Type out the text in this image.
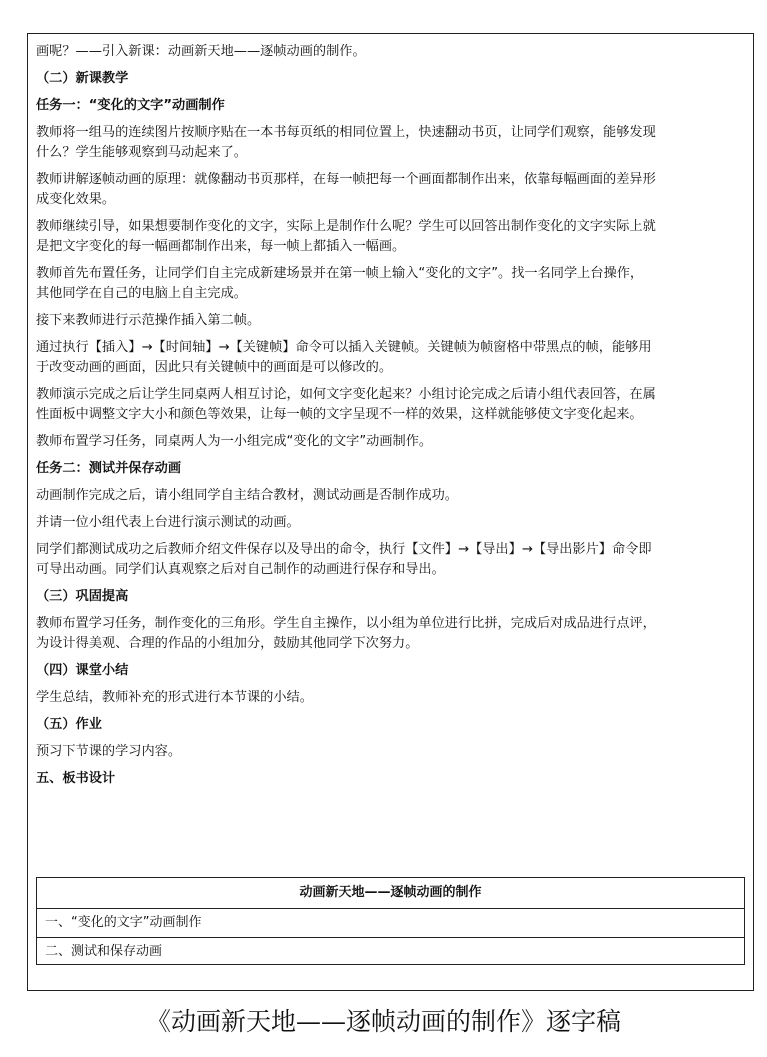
画呢？——引入新课：动画新天地——逐帧动画的制作。
（二）新课教学
任务一：“变化的文字”动画制作
教师将一组马的连续图片按顺序贴在一本书每页纸的相同位置上，快速翻动书页，让同学们观察，能够发现
什么？学生能够观察到马动起来了。
教师讲解逐帧动画的原理：就像翻动书页那样，在每一帧把每一个画面都制作出来，依靠每幅画面的差异形
成变化效果。
教师继续引导，如果想要制作变化的文字，实际上是制作什么呢？学生可以回答出制作变化的文字实际上就
是把文字变化的每一幅画都制作出来，每一帧上都插入一幅画。
教师首先布置任务，让同学们自主完成新建场景并在第一帧上输入“变化的文字”。找一名同学上台操作，
其他同学在自己的电脑上自主完成。
接下来教师进行示范操作插入第二帧。
通过执行【插入】→【时间轴】→【关键帧】命令可以插入关键帧。关键帧为帧窗格中带黑点的帧，能够用
于改变动画的画面，因此只有关键帧中的画面是可以修改的。
教师演示完成之后让学生同桌两人相互讨论，如何文字变化起来？小组讨论完成之后请小组代表回答，在属
性面板中调整文字大小和颜色等效果，让每一帧的文字呈现不一样的效果，这样就能够使文字变化起来。
教师布置学习任务，同桌两人为一小组完成“变化的文字”动画制作。
任务二：测试并保存动画
动画制作完成之后，请小组同学自主结合教材，测试动画是否制作成功。
并请一位小组代表上台进行演示测试的动画。
同学们都测试成功之后教师介绍文件保存以及导出的命令，执行【文件】→【导出】→【导出影片】命令即
可导出动画。同学们认真观察之后对自己制作的动画进行保存和导出。
（三）巩固提高
教师布置学习任务，制作变化的三角形。学生自主操作，以小组为单位进行比拼，完成后对成品进行点评，
为设计得美观、合理的作品的小组加分，鼓励其他同学下次努力。
（四）课堂小结
学生总结，教师补充的形式进行本节课的小结。
（五）作业
预习下节课的学习内容。
五、板书设计
动画新天地——逐帧动画的制作
一、“变化的文字”动画制作
二、测试和保存动画
《动画新天地——逐帧动画的制作》逐字稿
